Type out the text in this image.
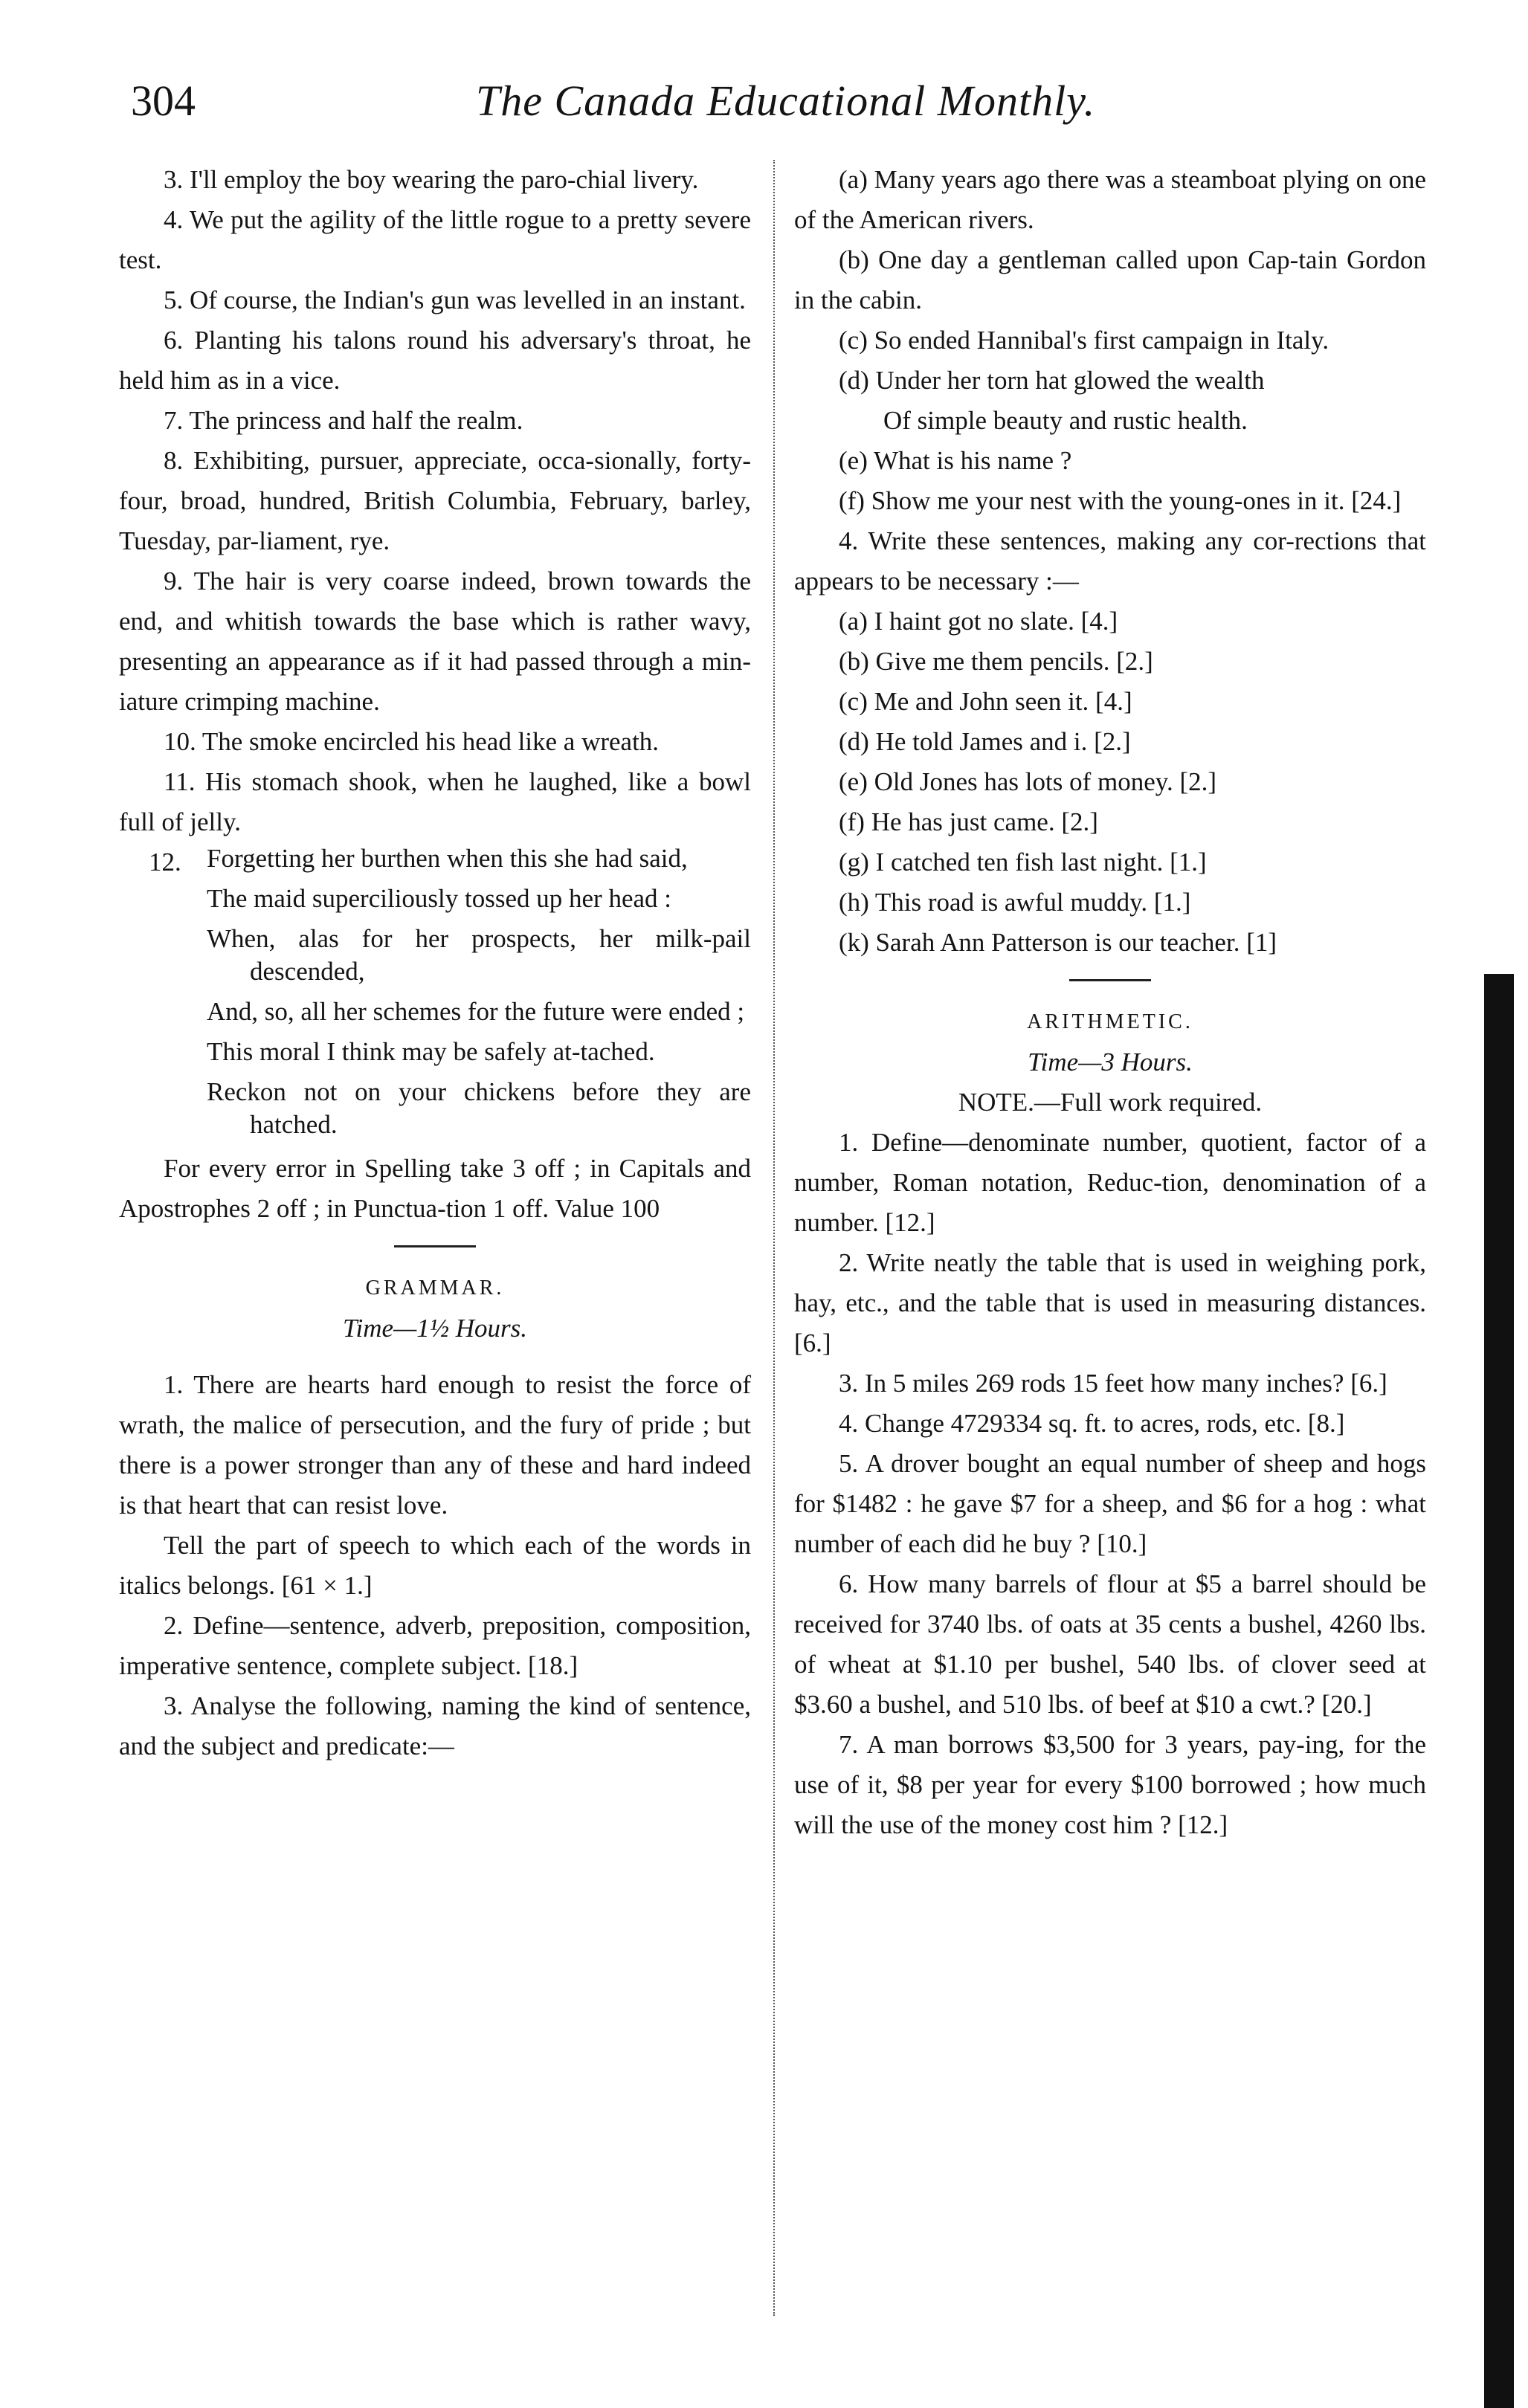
304	The Canada Educational Monthly.

3. I'll employ the boy wearing the paro-chial livery.

4. We put the agility of the little rogue to a pretty severe test.

5. Of course, the Indian's gun was levelled in an instant.

6. Planting his talons round his adversary's throat, he held him as in a vice.

7. The princess and half the realm.

8. Exhibiting, pursuer, appreciate, occa-sionally, forty-four, broad, hundred, British Columbia, February, barley, Tuesday, par-liament, rye.

9. The hair is very coarse indeed, brown towards the end, and whitish towards the base which is rather wavy, presenting an appearance as if it had passed through a min-iature crimping machine.

10. The smoke encircled his head like a wreath.

11. His stomach shook, when he laughed, like a bowl full of jelly.

12. Forgetting her burthen when this she had said,

The maid superciliously tossed up her head :

When, alas for her prospects, her milk-pail descended,

And, so, all her schemes for the future were ended ;

This moral I think may be safely at-tached.

Reckon not on your chickens before they are hatched.

For every error in Spelling take 3 off ; in Capitals and Apostrophes 2 off ; in Punctua-tion 1 off. Value 100

GRAMMAR.

Time—1½ Hours.

1. There are hearts hard enough to resist the force of wrath, the malice of persecution, and the fury of pride ; but there is a power stronger than any of these and hard indeed is that heart that can resist love.

Tell the part of speech to which each of the words in italics belongs. [61 × 1.]

2. Define—sentence, adverb, preposition, composition, imperative sentence, complete subject. [18.]

3. Analyse the following, naming the kind of sentence, and the subject and predicate:—

(a) Many years ago there was a steamboat plying on one of the American rivers.

(b) One day a gentleman called upon Cap-tain Gordon in the cabin.

(c) So ended Hannibal's first campaign in Italy.

(d) Under her torn hat glowed the wealth

Of simple beauty and rustic health.

(e) What is his name ?

(f) Show me your nest with the young-ones in it. [24.]

4. Write these sentences, making any cor-rections that appears to be necessary :—

(a) I haint got no slate. [4.]

(b) Give me them pencils. [2.]

(c) Me and John seen it. [4.]

(d) He told James and i. [2.]

(e) Old Jones has lots of money. [2.]

(f) He has just came. [2.]

(g) I catched ten fish last night. [1.]

(h) This road is awful muddy. [1.]

(k) Sarah Ann Patterson is our teacher. [1]

ARITHMETIC.

Time—3 Hours.

NOTE.—Full work required.

1. Define—denominate number, quotient, factor of a number, Roman notation, Reduc-tion, denomination of a number. [12.]

2. Write neatly the table that is used in weighing pork, hay, etc., and the table that is used in measuring distances. [6.]

3. In 5 miles 269 rods 15 feet how many inches? [6.]

4. Change 4729334 sq. ft. to acres, rods, etc. [8.]

5. A drover bought an equal number of sheep and hogs for $1482 : he gave $7 for a sheep, and $6 for a hog : what number of each did he buy ? [10.]

6. How many barrels of flour at $5 a barrel should be received for 3740 lbs. of oats at 35 cents a bushel, 4260 lbs. of wheat at $1.10 per bushel, 540 lbs. of clover seed at $3.60 a bushel, and 510 lbs. of beef at $10 a cwt.? [20.]

7. A man borrows $3,500 for 3 years, pay-ing, for the use of it, $8 per year for every $100 borrowed ; how much will the use of the money cost him ? [12.]
